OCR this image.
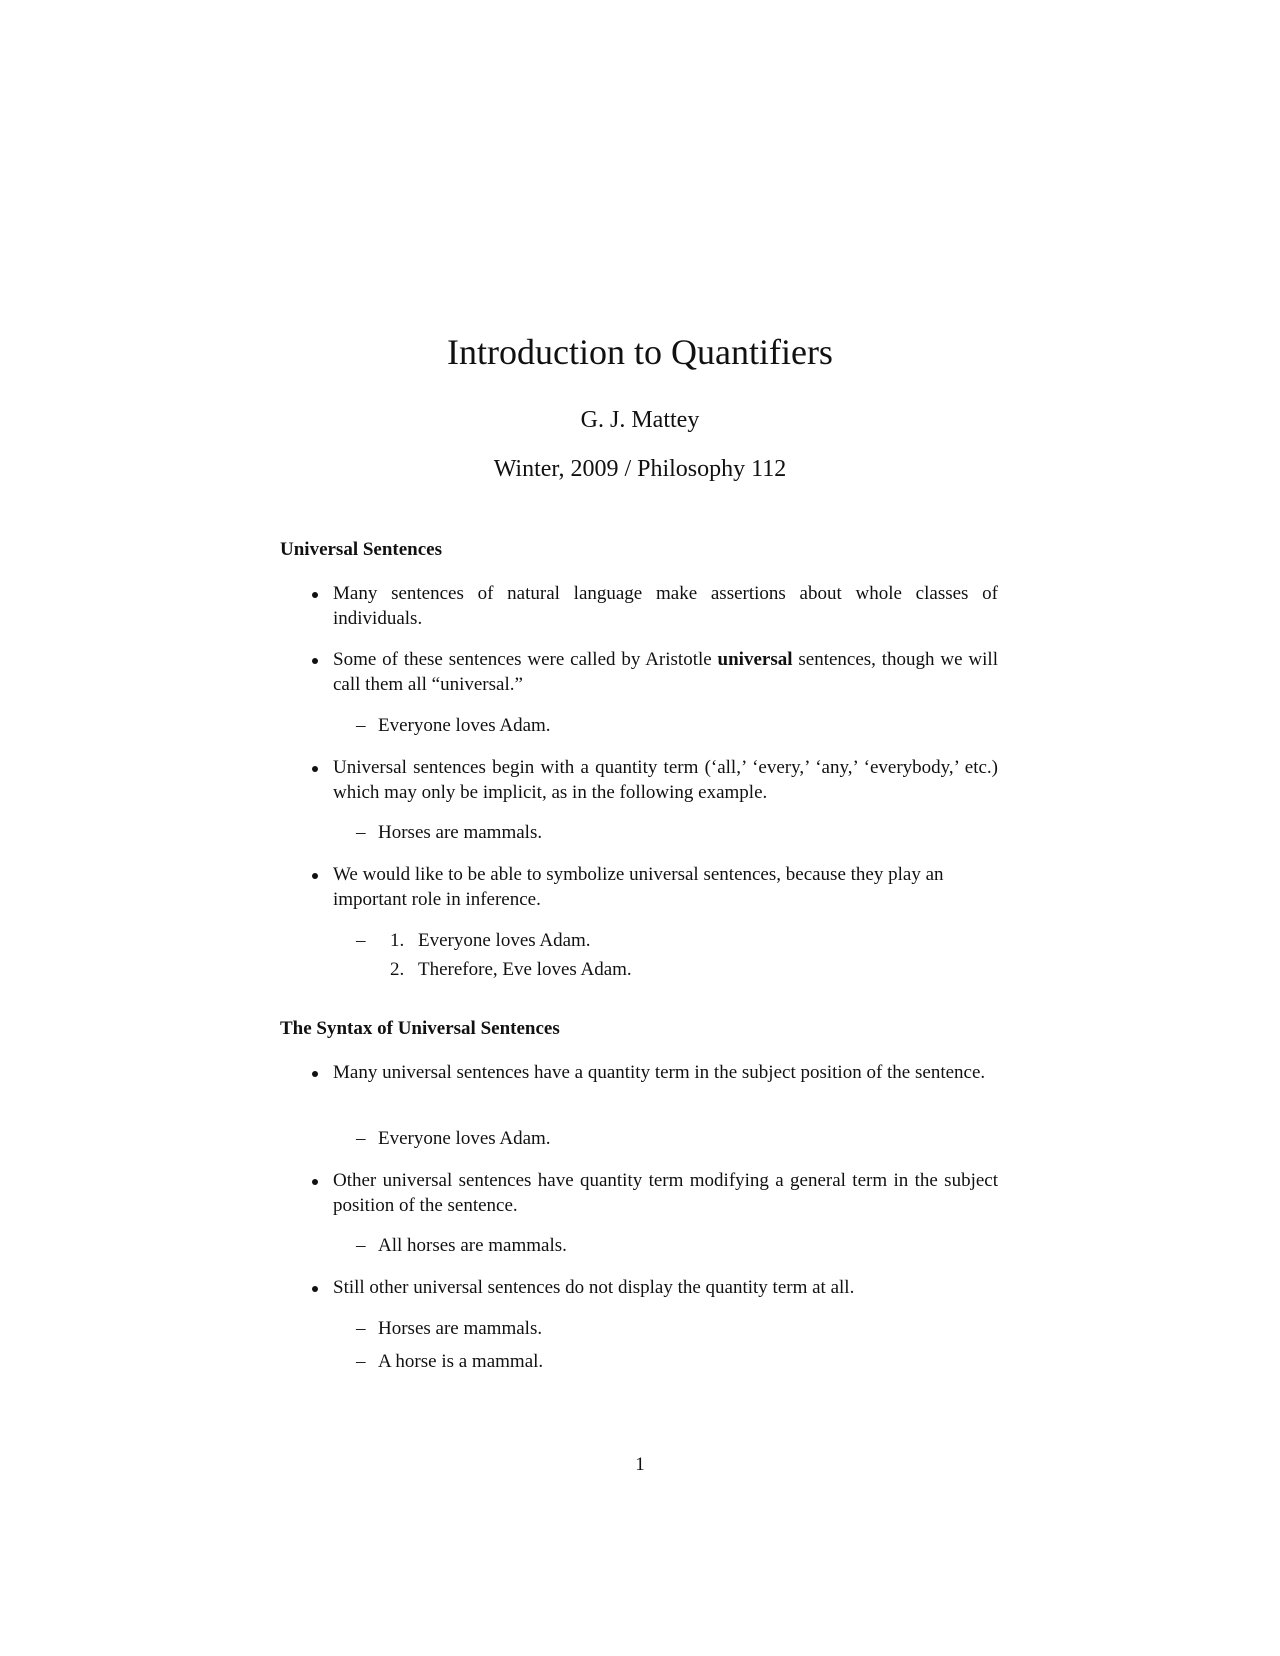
Introduction to Quantifiers
G. J. Mattey
Winter, 2009 / Philosophy 112
Universal Sentences

Many sentences of natural language make assertions about whole classes of individuals.

Some of these sentences were called by Aristotle universal sentences, though we will call them all “universal.”

– Everyone loves Adam.

Universal sentences begin with a quantity term (‘all,’ ‘every,’ ‘any,’ ‘everybody,’ etc.) which may only be implicit, as in the following example.

– Horses are mammals.

We would like to be able to symbolize universal sentences, because they play an important role in inference.

– 1. Everyone loves Adam.

2. Therefore, Eve loves Adam.

The Syntax of Universal Sentences

Many universal sentences have a quantity term in the subject position of the sentence.

– Everyone loves Adam.

Other universal sentences have quantity term modifying a general term in the subject position of the sentence.

– All horses are mammals.

Still other universal sentences do not display the quantity term at all.

– Horses are mammals.

– A horse is a mammal.

1
